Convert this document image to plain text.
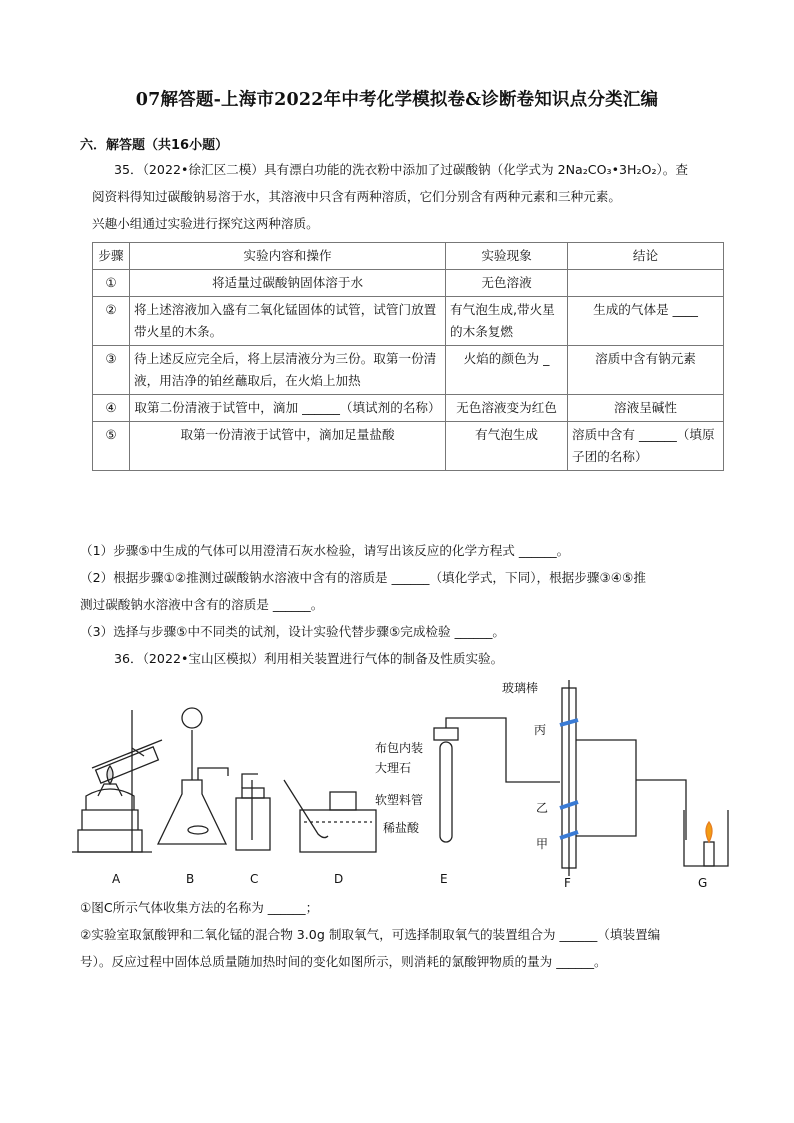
07解答题-上海市2022年中考化学模拟卷&诊断卷知识点分类汇编
六．解答题（共16小题）
35．（2022•徐汇区二模）具有漂白功能的洗衣粉中添加了过碳酸钠（化学式为 2Na₂CO₃•3H₂O₂）。查
阅资料得知过碳酸钠易溶于水，其溶液中只含有两种溶质，它们分别含有两种元素和三种元素。
兴趣小组通过实验进行探究这两种溶质。
步骤	实验内容和操作	实验现象	结论
①	将适量过碳酸钠固体溶于水	无色溶液	
②	将上述溶液加入盛有二氧化锰固体的试管，试管门放置带火星的木条。	有气泡生成,带火星的木条复燃	生成的气体是 ____
③	待上述反应完全后，将上层清液分为三份。取第一份清液，用洁净的铂丝蘸取后，在火焰上加热	火焰的颜色为 _	溶质中含有钠元素
④	取第二份清液于试管中，滴加 ______（填试剂的名称）	无色溶液变为红色	溶液呈碱性
⑤	取第一份清液于试管中，滴加足量盐酸	有气泡生成	溶质中含有 ______（填原子团的名称）
（1）步骤⑤中生成的气体可以用澄清石灰水检验，请写出该反应的化学方程式 ______。
（2）根据步骤①②推测过碳酸钠水溶液中含有的溶质是 ______（填化学式，下同），根据步骤③④⑤推
测过碳酸钠水溶液中含有的溶质是 ______。
（3）选择与步骤⑤中不同类的试剂，设计实验代替步骤⑤完成检验 ______。
36．（2022•宝山区模拟）利用相关装置进行气体的制备及性质实验。
A	B	C	D
布包内装
大理石
软塑料管
稀盐酸
E
玻璃棒
丙
乙
甲
F	G
①图C所示气体收集方法的名称为 ______；
②实验室取氯酸钾和二氧化锰的混合物 3.0g 制取氧气，可选择制取氧气的装置组合为 ______（填装置编
号）。反应过程中固体总质量随加热时间的变化如图所示，则消耗的氯酸钾物质的量为 ______。
